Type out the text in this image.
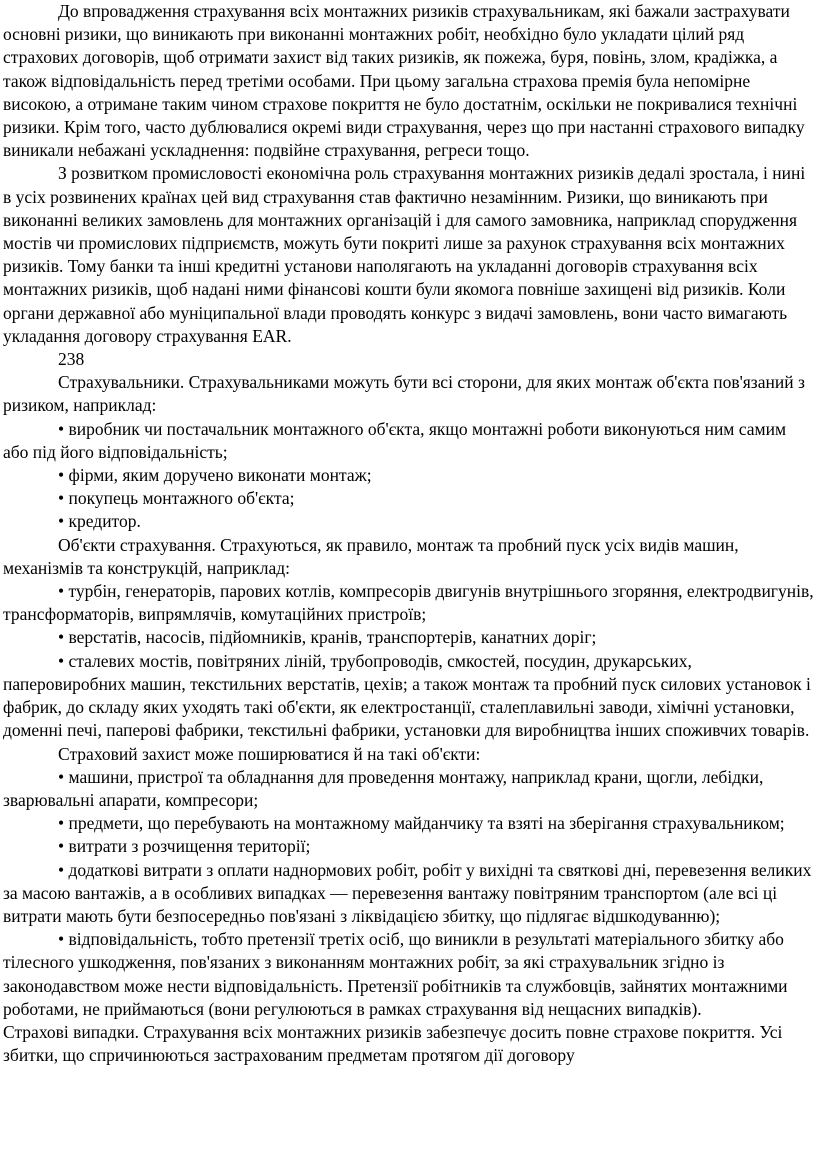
До впровадження страхування всіх монтажних ризиків страхувальникам, які бажали застрахувати основні ризики, що виникають при виконанні монтажних робіт, необхідно було укладати цілий ряд страхових договорів, щоб отримати захист від таких ризиків, як пожежа, буря, повінь, злом, крадіжка, а також відповідальність перед третіми особами. При цьому загальна страхова премія була непомірне високою, а отримане таким чином страхове покриття не було достатнім, оскільки не покривалися технічні ризики. Крім того, часто дублювалися окремі види страхування, через що при настанні страхового випадку виникали небажані ускладнення: подвійне страхування, регреси тощо.

З розвитком промисловості економічна роль страхування монтажних ризиків дедалі зростала, і нині в усіх розвинених країнах цей вид страхування став фактично незамінним. Ризики, що виникають при виконанні великих замовлень для монтажних організацій і для самого замовника, наприклад спорудження мостів чи промислових підприємств, можуть бути покриті лише за рахунок страхування всіх монтажних ризиків. Тому банки та інші кредитні установи наполягають на укладанні договорів страхування всіх монтажних ризиків, щоб надані ними фінансові кошти були якомога повніше захищені від ризиків. Коли органи державної або муніципальної влади проводять конкурс з видачі замовлень, вони часто вимагають укладання договору страхування EAR.

238

Страхувальники. Страхувальниками можуть бути всі сторони, для яких монтаж об'єкта пов'язаний з ризиком, наприклад:

• виробник чи постачальник монтажного об'єкта, якщо монтажні роботи виконуються ним самим або під його відповідальність;

• фірми, яким доручено виконати монтаж;

• покупець монтажного об'єкта;

• кредитор.

Об'єкти страхування. Страхуються, як правило, монтаж та пробний пуск усіх видів машин, механізмів та конструкцій, наприклад:

• турбін, генераторів, парових котлів, компресорів двигунів внутрішнього згоряння, електродвигунів, трансформаторів, випрямлячів, комутаційних пристроїв;

• верстатів, насосів, підйомників, кранів, транспортерів, канатних доріг;

• сталевих мостів, повітряних ліній, трубопроводів, смкостей, посудин, друкарських, паперовиробних машин, текстильних верстатів, цехів; а також монтаж та пробний пуск силових установок і фабрик, до складу яких уходять такі об'єкти, як електростанції, сталеплавильні заводи, хімічні установки, доменні печі, паперові фабрики, текстильні фабрики, установки для виробництва інших споживчих товарів.

Страховий захист може поширюватися й на такі об'єкти:

• машини, пристрої та обладнання для проведення монтажу, наприклад крани, щогли, лебідки, зварювальні апарати, компресори;

• предмети, що перебувають на монтажному майданчику та взяті на зберігання страхувальником;

• витрати з розчищення території;

• додаткові витрати з оплати наднормових робіт, робіт у вихідні та святкові дні, перевезення великих за масою вантажів, а в особливих випадках — перевезення вантажу повітряним транспортом (але всі ці витрати мають бути безпосередньо пов'язані з ліквідацією збитку, що підлягає відшкодуванню);

• відповідальність, тобто претензії третіх осіб, що виникли в результаті матеріального збитку або тілесного ушкодження, пов'язаних з виконанням монтажних робіт, за які страхувальник згідно із законодавством може нести відповідальність. Претензії робітників та службовців, зайнятих монтажними роботами, не приймаються (вони регулюються в рамках страхування від нещасних випадків).

Страхові випадки. Страхування всіх монтажних ризиків забезпечує досить повне страхове покриття. Усі збитки, що спричинюються застрахованим предметам протягом дії договору
